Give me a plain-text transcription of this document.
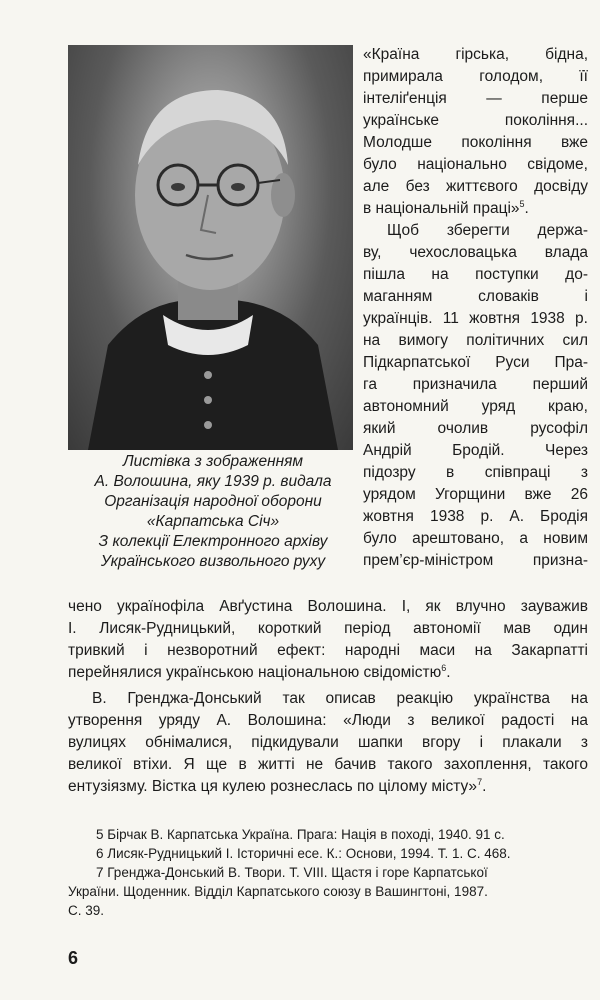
Листівка з зображенням
А. Волошина, яку 1939 р. видала
Організація народної оборони
«Карпатська Січ»
З колекції Електронного архіву
Українського визвольного руху
«Країна гірська, бідна,
примирала голодом, її
інтеліґенція — перше
українське покоління...
Молодше покоління вже
було національно свідоме,
але без життєвого досвіду
в національній праці»$^5$.
Щоб зберегти держа-
ву, чехословацька влада
пішла на поступки до-
маганням словаків і
українців. 11 жовтня 1938 р.
на вимогу політичних сил
Підкарпатської Руси Пра-
га призначила перший
автономний уряд краю,
який очолив русофіл
Андрій Бродій. Через
підозру в співпраці з
урядом Угорщини вже 26
жовтня 1938 р. А. Бродія
було арештовано, а новим
прем’єр-міністром призна-
чено українофіла Авґустина Волошина. І, як влучно зауважив
І. Лисяк-Рудницький, короткий період автономії мав один
тривкий і незворотний ефект: народні маси на Закарпатті
перейнялися українською національною свідомістю$^6$.
В. Гренджа-Донський так описав реакцію українства на
утворення уряду А. Волошина: «Люди з великої радості на
вулицях обнімалися, підкидували шапки вгору і плакали з
великої втіхи. Я ще в житті не бачив такого захоплення, такого
ентузіязму. Вістка ця кулею рознеслась по цілому місту»$^7$.
5 Бірчак В. Карпатська Україна. Прага: Нація в поході, 1940. 91 с.
6 Лисяк-Рудницький І. Історичні есе. К.: Основи, 1994. Т. 1. С. 468.
7 Гренджа-Донський В. Твори. Т. VIII. Щастя і горе Карпатської
України. Щоденник. Відділ Карпатського союзу в Вашингтоні, 1987.
С. 39.
6
